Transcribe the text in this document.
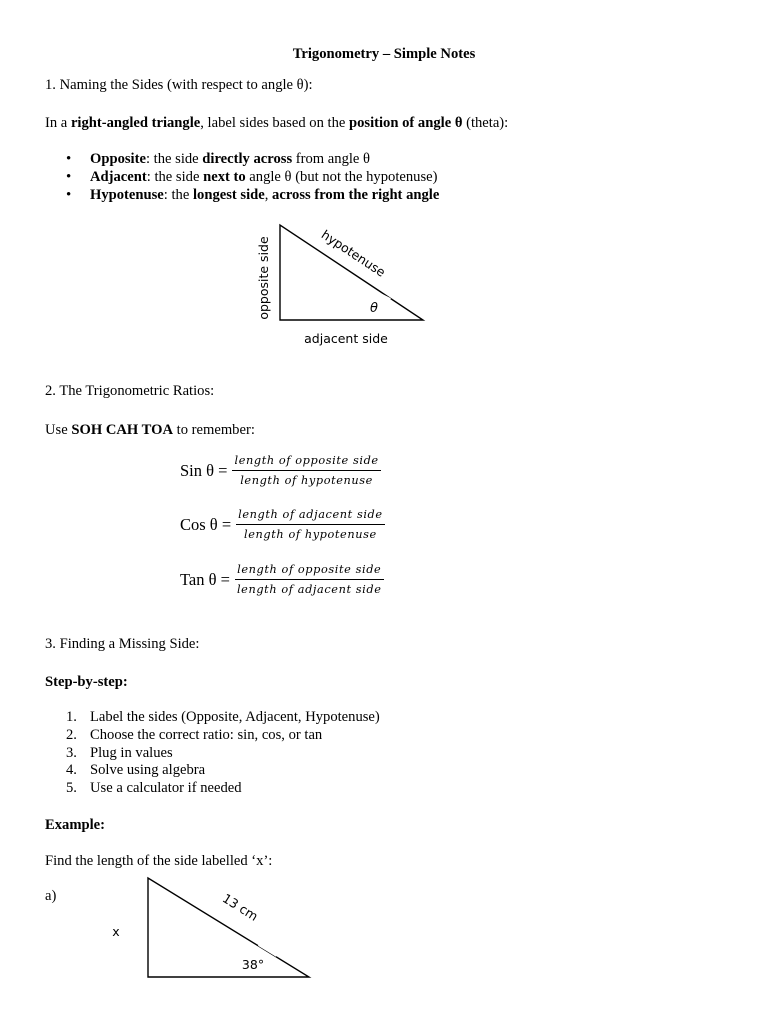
Trigonometry – Simple Notes
1. Naming the Sides (with respect to angle θ):
In a right-angled triangle, label sides based on the position of angle θ (theta):
• Opposite: the side directly across from angle θ
• Adjacent: the side next to angle θ (but not the hypotenuse)
• Hypotenuse: the longest side, across from the right angle
opposite side	hypotenuse
adjacent side
θ
2. The Trigonometric Ratios:
Use SOH CAH TOA to remember:
Sin $\theta = \frac{\text{length of opposite side}}{\text{length of hypotenuse}}$
Cos $\theta = \frac{\text{length of adjacent side}}{\text{length of hypotenuse}}$
Tan $\theta = \frac{\text{length of opposite side}}{\text{length of adjacent side}}$
3. Finding a Missing Side:
Step-by-step:
1. Label the sides (Opposite, Adjacent, Hypotenuse)
2. Choose the correct ratio: sin, cos, or tan
3. Plug in values
4. Solve using algebra
5. Use a calculator if needed
Example:
Find the length of the side labelled ‘x’:
a)
x
13 cm
38°
